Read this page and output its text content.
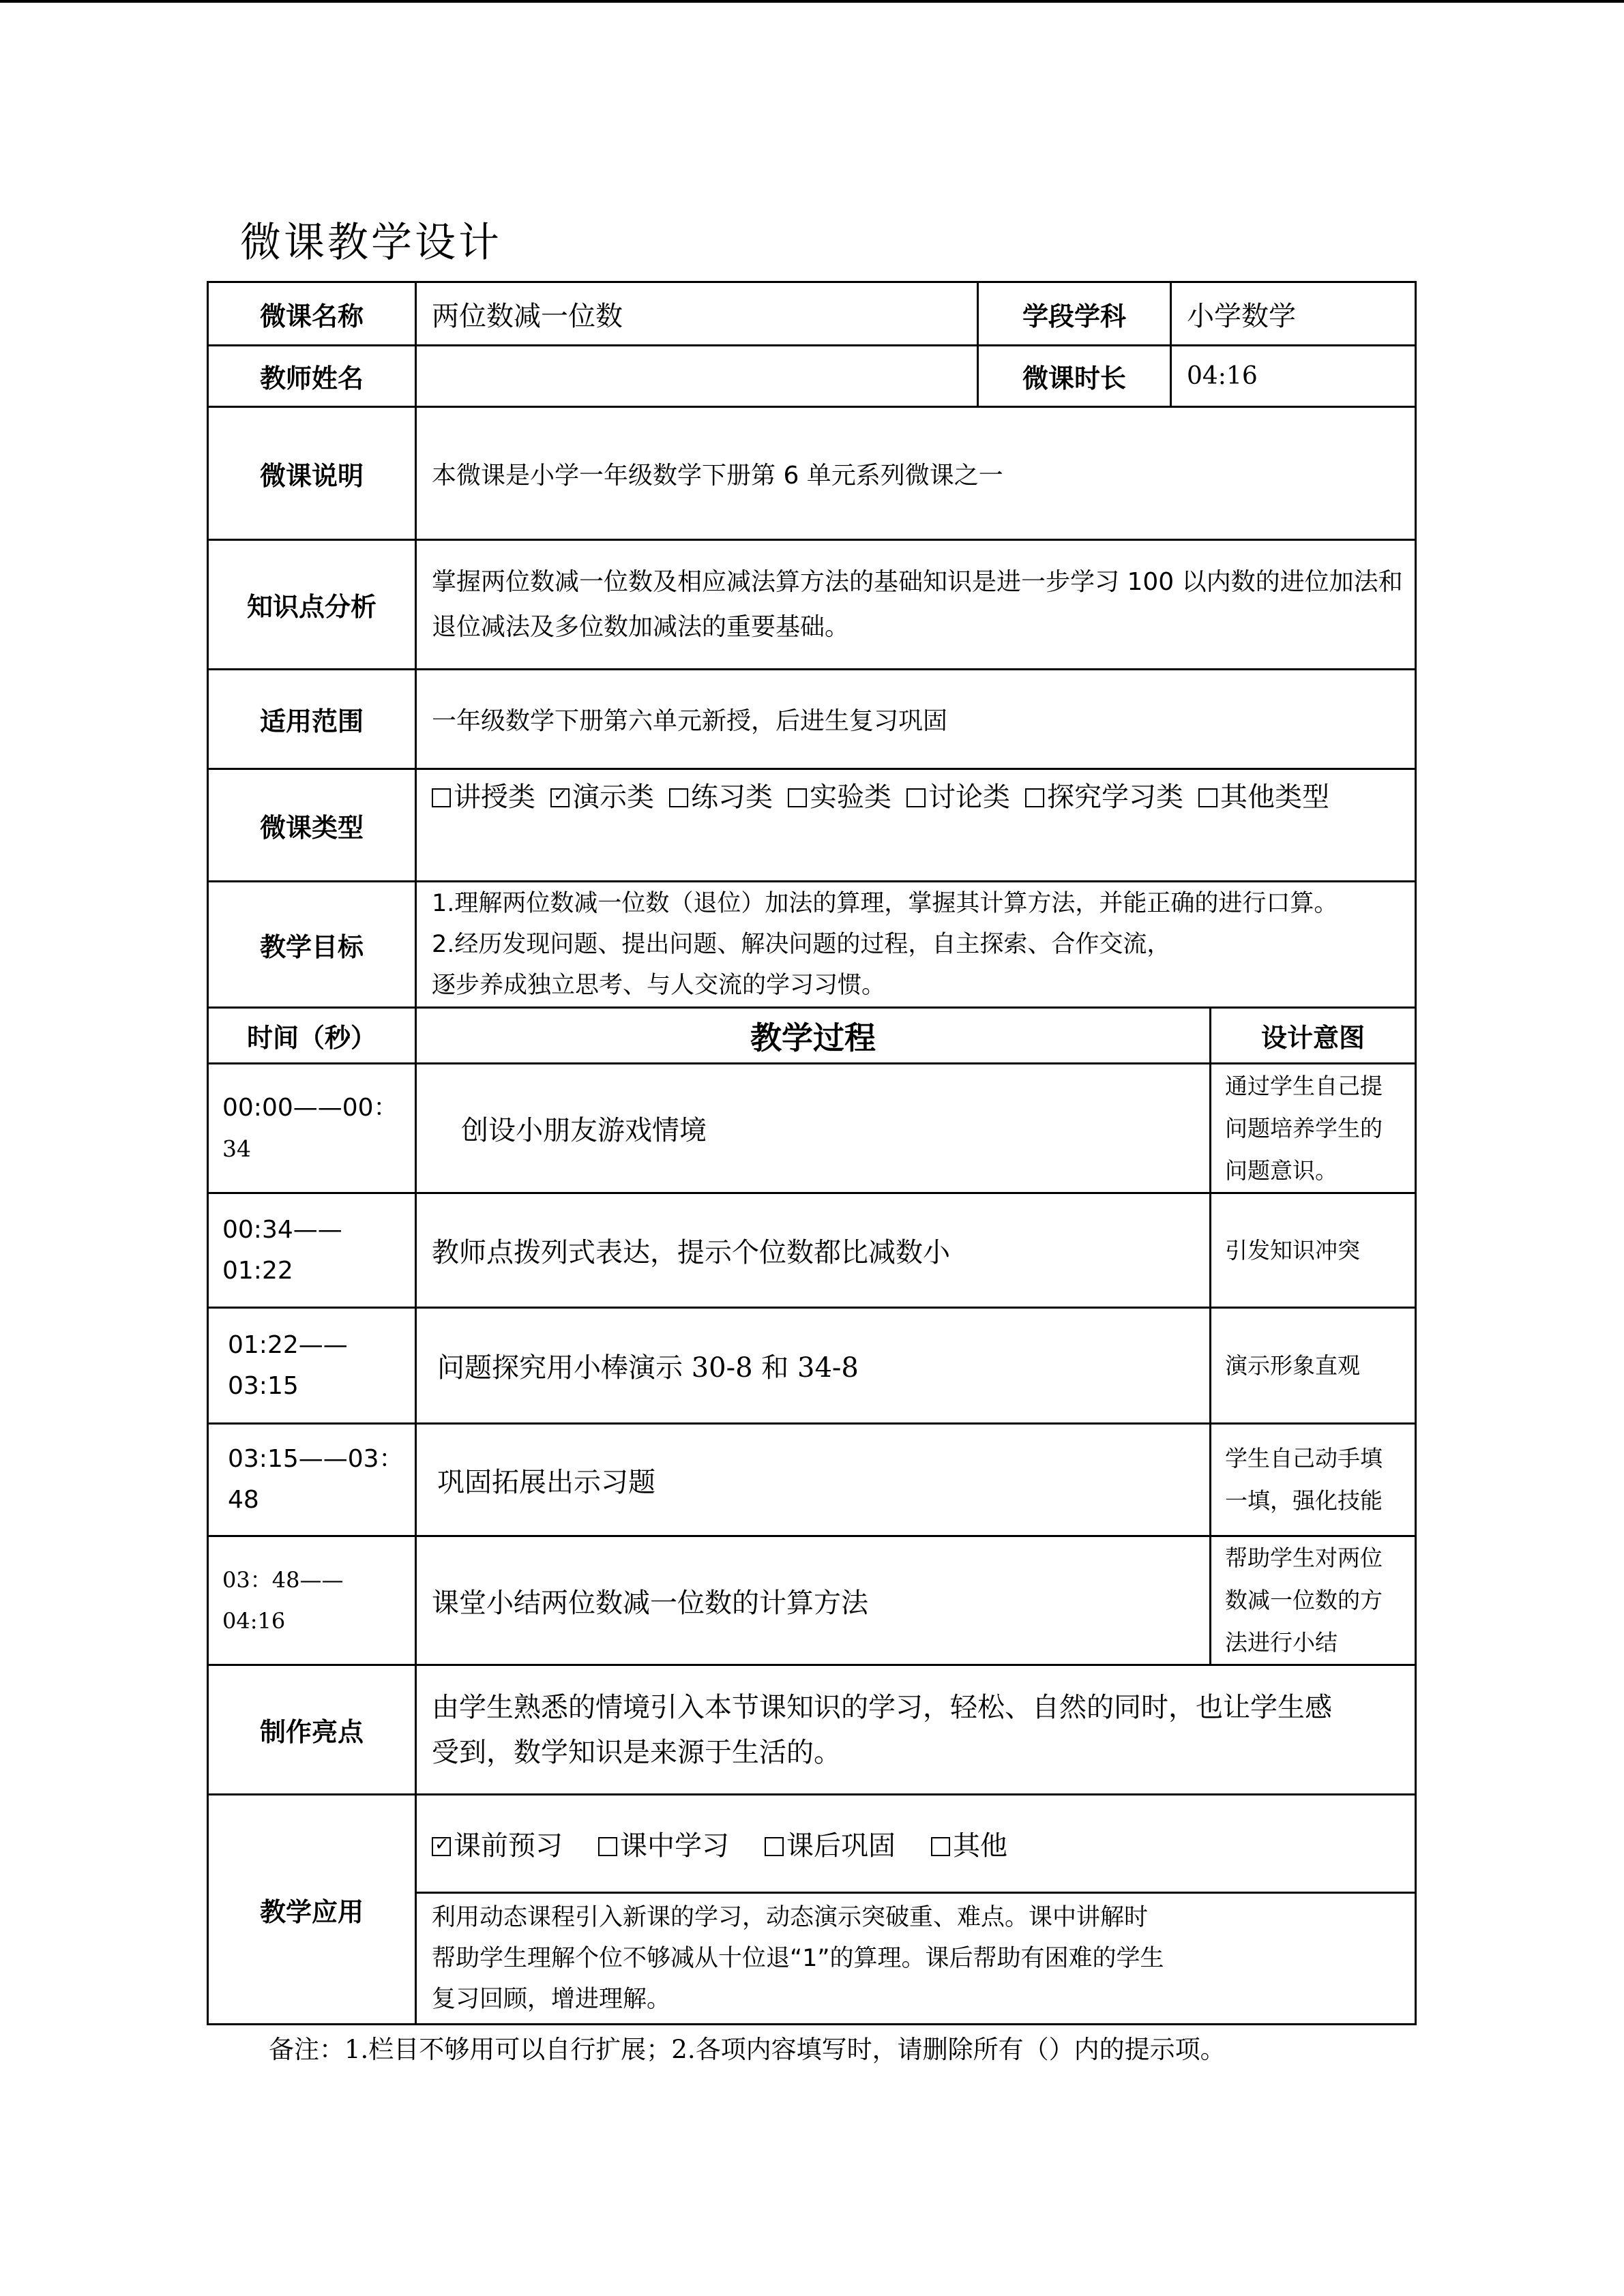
微课教学设计
微课名称	两位数减一位数	学段学科	小学数学
教师姓名	微课时长	04:16
微课说明	本微课是小学一年级数学下册第 6 单元系列微课之一
知识点分析
掌握两位数减一位数及相应减法算方法的基础知识是进一步学习 100 以内数的进位加法和
退位减法及多位数加减法的重要基础。
适用范围	一年级数学下册第六单元新授，后进生复习巩固
微课类型
讲授类✓ 演示类 练习类 实验类 讨论类 探究学习类 其他类型
教学目标
1.理解两位数减一位数（退位）加法的算理，掌握其计算方法，并能正确的进行口算。
2.经历发现问题、提出问题、解决问题的过程，自主探索、合作交流，
逐步养成独立思考、与人交流的学习习惯。
时间（秒）	教学过程	设计意图
00:00——00：
34
创设小朋友游戏情境
通过学生自己提
问题培养学生的
问题意识。
00:34——
01:22
教师点拨列式表达，提示个位数都比减数小	引发知识冲突
01:22——
03:15
问题探究用小棒演示 30-8 和 34-8	演示形象直观
03:15——03：
48
巩固拓展出示习题
学生自己动手填
一填，强化技能
03：48——
04:16
课堂小结两位数减一位数的计算方法
帮助学生对两位
数减一位数的方
法进行小结
制作亮点
由学生熟悉的情境引入本节课知识的学习，轻松、自然的同时，也让学生感
受到，数学知识是来源于生活的。
教学应用
✓课前预习 课中学习 课后巩固 其他
利用动态课程引入新课的学习，动态演示突破重、难点。课中讲解时
帮助学生理解个位不够减从十位退“1”的算理。课后帮助有困难的学生
复习回顾，增进理解。
备注：1.栏目不够用可以自行扩展；2.各项内容填写时，请删除所有（）内的提示项。
